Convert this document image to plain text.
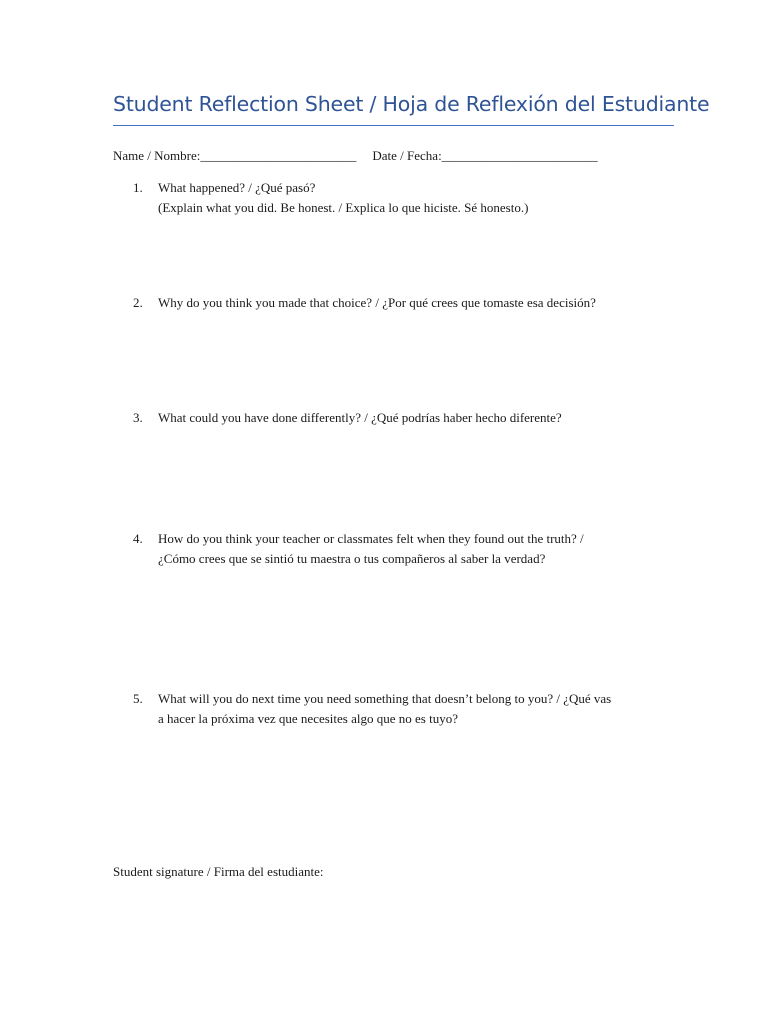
Student Reflection Sheet / Hoja de Reflexión del Estudiante
Name / Nombre:________________________ Date / Fecha:________________________
1.	What happened? / ¿Qué pasó?
(Explain what you did. Be honest. / Explica lo que hiciste. Sé honesto.)
2.	Why do you think you made that choice? / ¿Por qué crees que tomaste esa decisión?
3.	What could you have done differently? / ¿Qué podrías haber hecho diferente?
4.	How do you think your teacher or classmates felt when they found out the truth? /
¿Cómo crees que se sintió tu maestra o tus compañeros al saber la verdad?
5.	What will you do next time you need something that doesn’t belong to you? / ¿Qué vas
a hacer la próxima vez que necesites algo que no es tuyo?
Student signature / Firma del estudiante:
